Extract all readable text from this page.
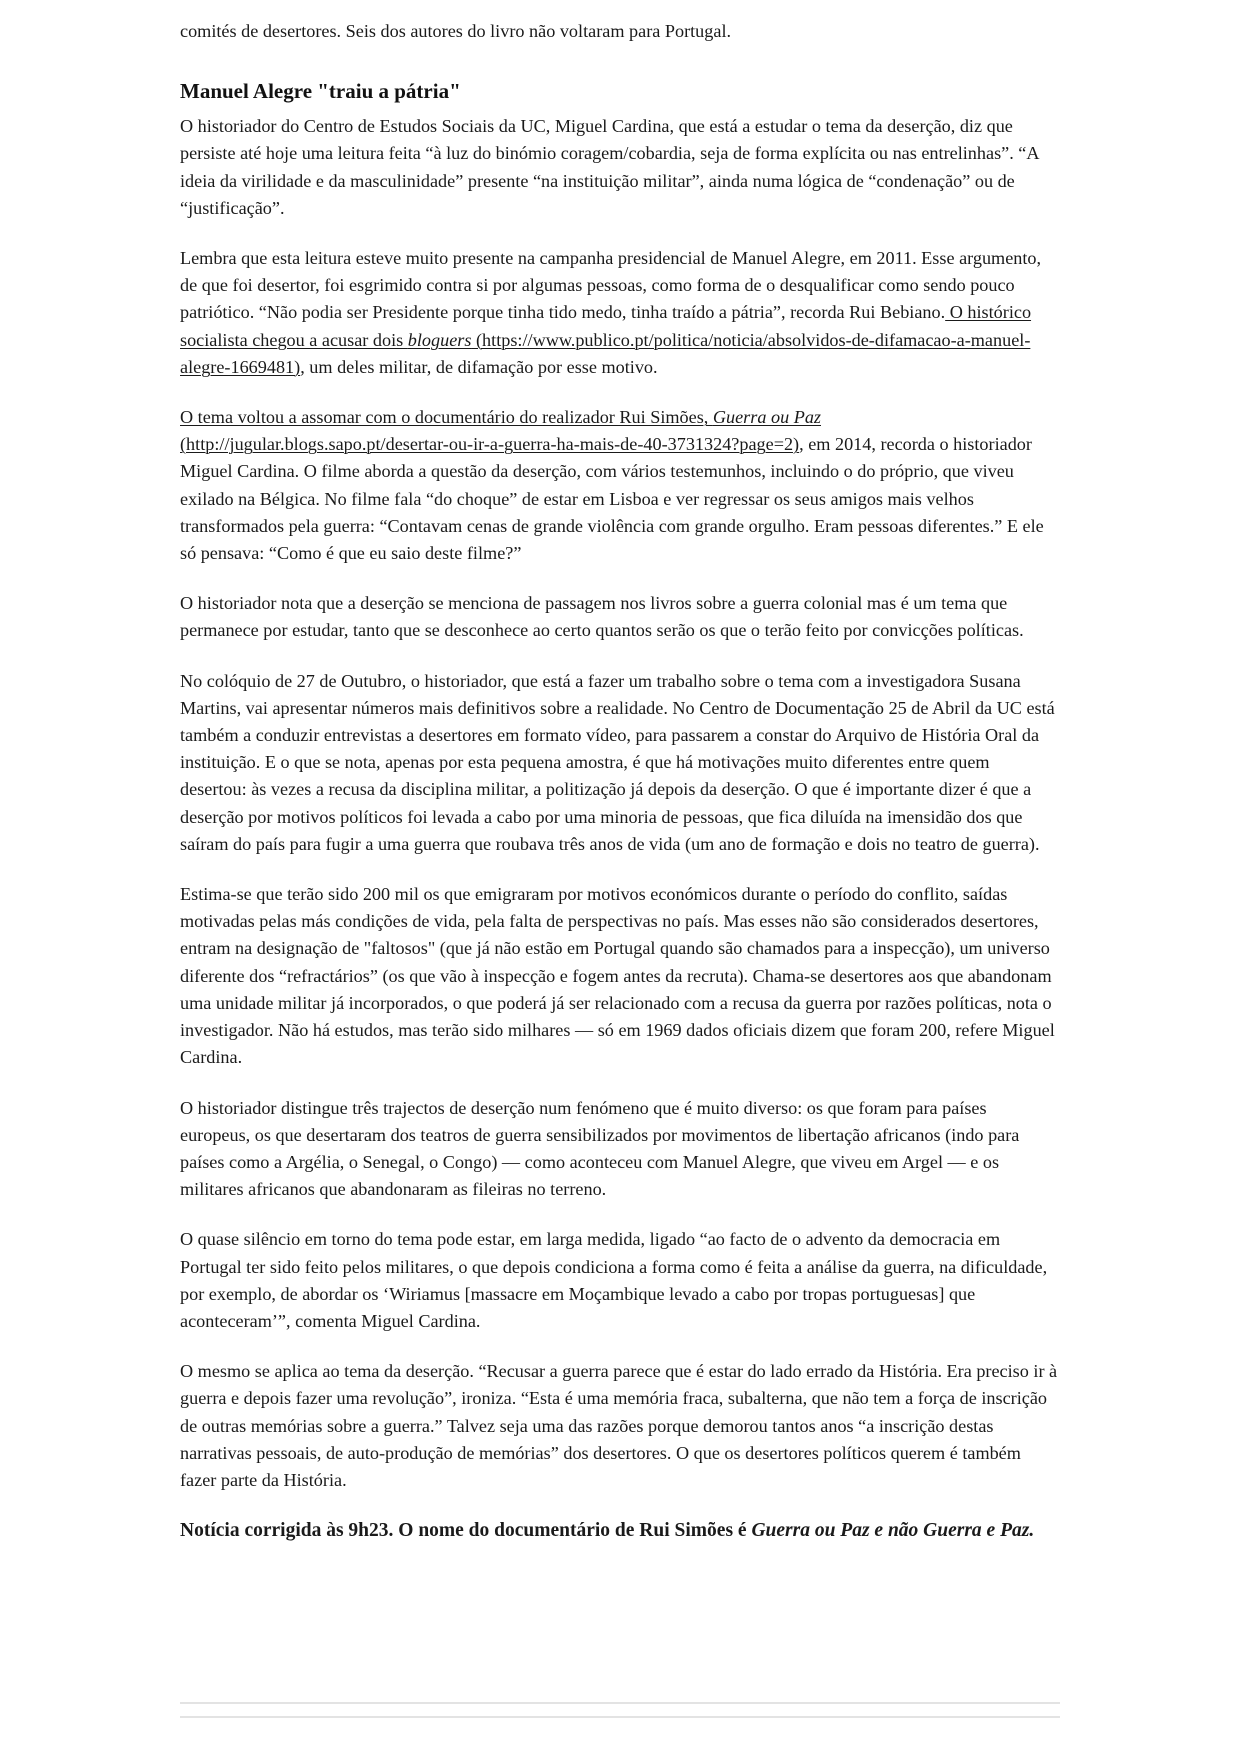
comités de desertores. Seis dos autores do livro não voltaram para Portugal.

Manuel Alegre "traiu a pátria"

O historiador do Centro de Estudos Sociais da UC, Miguel Cardina, que está a estudar o tema da deserção, diz que persiste até hoje uma leitura feita “à luz do binómio coragem/cobardia, seja de forma explícita ou nas entrelinhas”. “A ideia da virilidade e da masculinidade” presente “na instituição militar”, ainda numa lógica de “condenação” ou de “justificação”.

Lembra que esta leitura esteve muito presente na campanha presidencial de Manuel Alegre, em 2011. Esse argumento, de que foi desertor, foi esgrimido contra si por algumas pessoas, como forma de o desqualificar como sendo pouco patriótico. “Não podia ser Presidente porque tinha tido medo, tinha traído a pátria”, recorda Rui Bebiano. O histórico socialista chegou a acusar dois bloguers (https://www.publico.pt/politica/noticia/absolvidos-de-difamacao-a-manuel-alegre-1669481), um deles militar, de difamação por esse motivo.

O tema voltou a assomar com o documentário do realizador Rui Simões, Guerra ou Paz (http://jugular.blogs.sapo.pt/desertar-ou-ir-a-guerra-ha-mais-de-40-3731324?page=2), em 2014, recorda o historiador Miguel Cardina. O filme aborda a questão da deserção, com vários testemunhos, incluindo o do próprio, que viveu exilado na Bélgica. No filme fala “do choque” de estar em Lisboa e ver regressar os seus amigos mais velhos transformados pela guerra: “Contavam cenas de grande violência com grande orgulho. Eram pessoas diferentes.” E ele só pensava: “Como é que eu saio deste filme?”

O historiador nota que a deserção se menciona de passagem nos livros sobre a guerra colonial mas é um tema que permanece por estudar, tanto que se desconhece ao certo quantos serão os que o terão feito por convicções políticas.

No colóquio de 27 de Outubro, o historiador, que está a fazer um trabalho sobre o tema com a investigadora Susana Martins, vai apresentar números mais definitivos sobre a realidade. No Centro de Documentação 25 de Abril da UC está também a conduzir entrevistas a desertores em formato vídeo, para passarem a constar do Arquivo de História Oral da instituição. E o que se nota, apenas por esta pequena amostra, é que há motivações muito diferentes entre quem desertou: às vezes a recusa da disciplina militar, a politização já depois da deserção. O que é importante dizer é que a deserção por motivos políticos foi levada a cabo por uma minoria de pessoas, que fica diluída na imensidão dos que saíram do país para fugir a uma guerra que roubava três anos de vida (um ano de formação e dois no teatro de guerra).

Estima-se que terão sido 200 mil os que emigraram por motivos económicos durante o período do conflito, saídas motivadas pelas más condições de vida, pela falta de perspectivas no país. Mas esses não são considerados desertores, entram na designação de "faltosos" (que já não estão em Portugal quando são chamados para a inspecção), um universo diferente dos “refractários” (os que vão à inspecção e fogem antes da recruta). Chama-se desertores aos que abandonam uma unidade militar já incorporados, o que poderá já ser relacionado com a recusa da guerra por razões políticas, nota o investigador. Não há estudos, mas terão sido milhares — só em 1969 dados oficiais dizem que foram 200, refere Miguel Cardina.

O historiador distingue três trajectos de deserção num fenómeno que é muito diverso: os que foram para países europeus, os que desertaram dos teatros de guerra sensibilizados por movimentos de libertação africanos (indo para países como a Argélia, o Senegal, o Congo) — como aconteceu com Manuel Alegre, que viveu em Argel — e os militares africanos que abandonaram as fileiras no terreno.

O quase silêncio em torno do tema pode estar, em larga medida, ligado “ao facto de o advento da democracia em Portugal ter sido feito pelos militares, o que depois condiciona a forma como é feita a análise da guerra, na dificuldade, por exemplo, de abordar os ‘Wiriamus [massacre em Moçambique levado a cabo por tropas portuguesas] que aconteceram’”, comenta Miguel Cardina.

O mesmo se aplica ao tema da deserção. “Recusar a guerra parece que é estar do lado errado da História. Era preciso ir à guerra e depois fazer uma revolução”, ironiza. “Esta é uma memória fraca, subalterna, que não tem a força de inscrição de outras memórias sobre a guerra.” Talvez seja uma das razões porque demorou tantos anos “a inscrição destas narrativas pessoais, de auto-produção de memórias” dos desertores. O que os desertores políticos querem é também fazer parte da História.

Notícia corrigida às 9h23. O nome do documentário de Rui Simões é Guerra ou Paz e não Guerra e Paz.
